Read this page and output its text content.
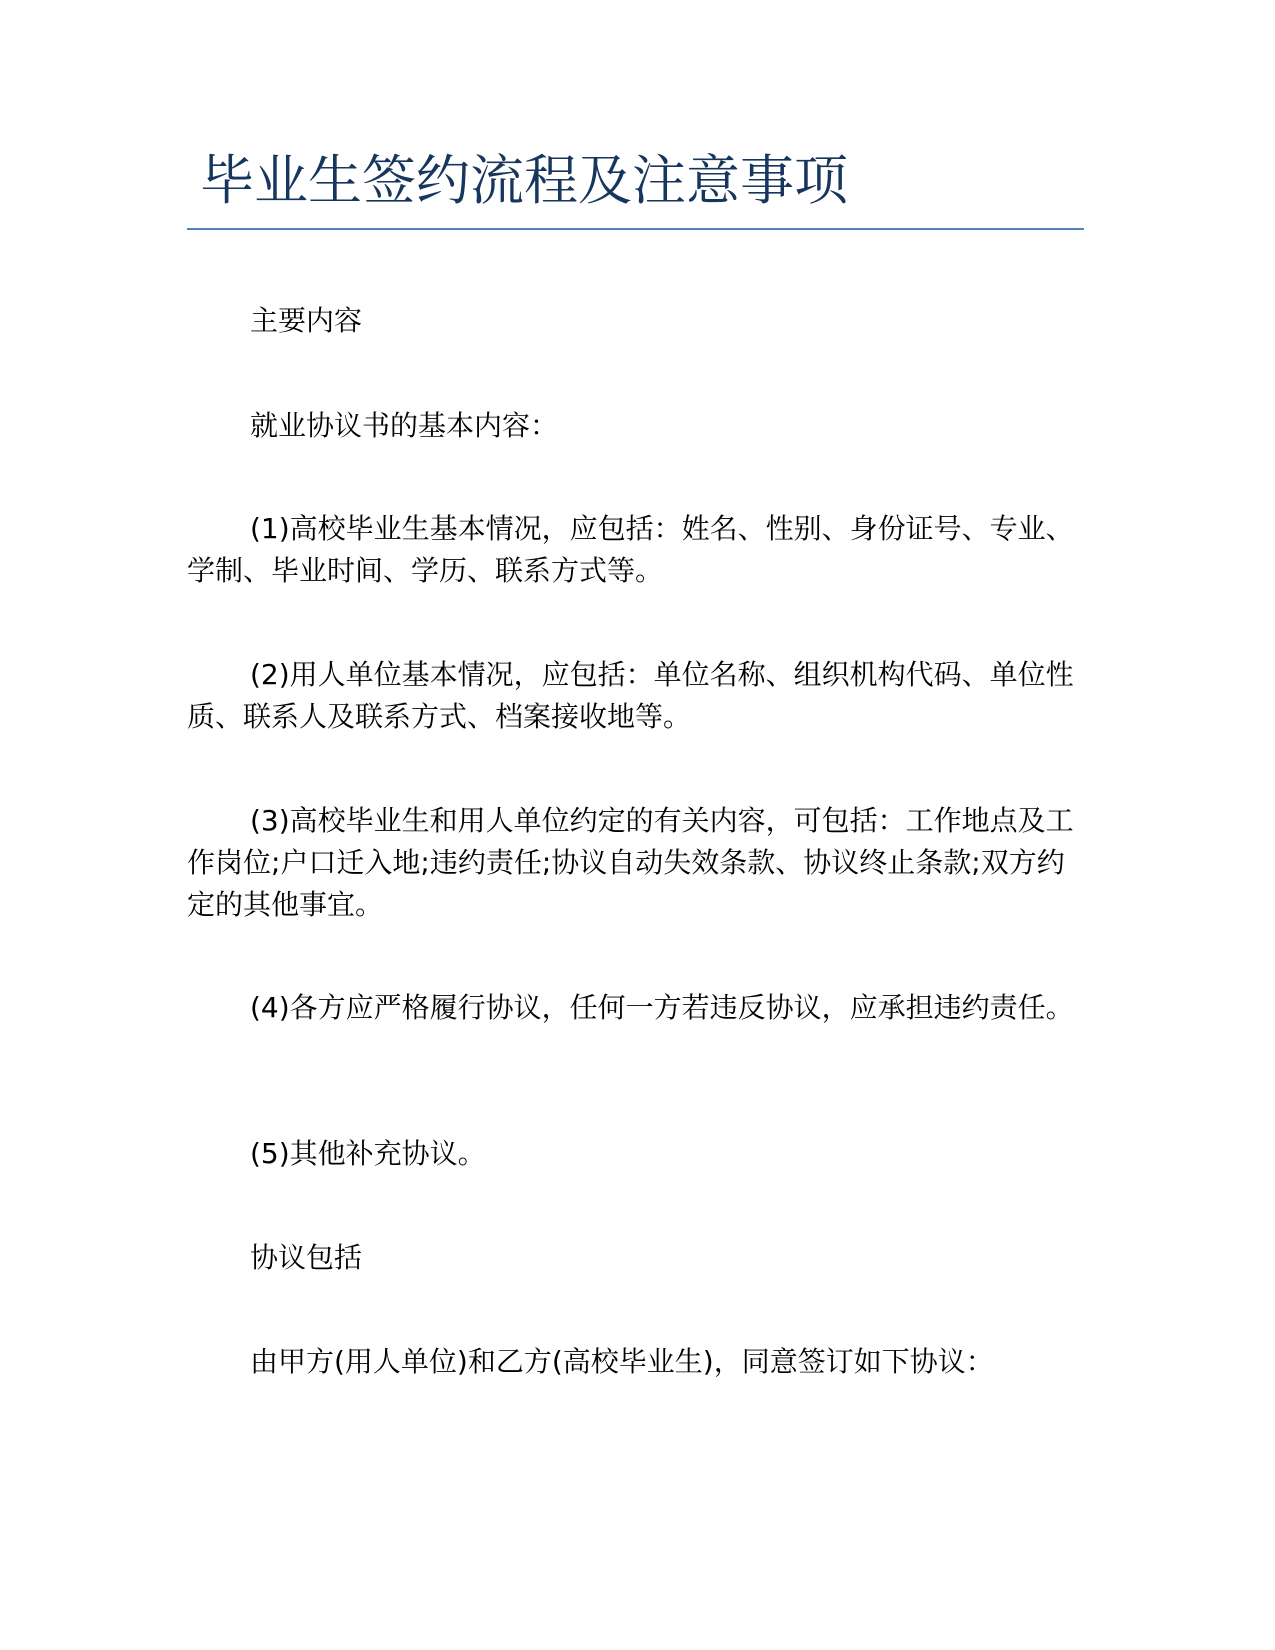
毕业生签约流程及注意事项

主要内容

就业协议书的基本内容：

(1)高校毕业生基本情况，应包括：姓名、性别、身份证号、专业、学制、毕业时间、学历、联系方式等。

(2)用人单位基本情况，应包括：单位名称、组织机构代码、单位性质、联系人及联系方式、档案接收地等。

(3)高校毕业生和用人单位约定的有关内容，可包括：工作地点及工作岗位;户口迁入地;违约责任;协议自动失效条款、协议终止条款;双方约定的其他事宜。

(4)各方应严格履行协议，任何一方若违反协议，应承担违约责任。

(5)其他补充协议。

协议包括

由甲方(用人单位)和乙方(高校毕业生)，同意签订如下协议：
